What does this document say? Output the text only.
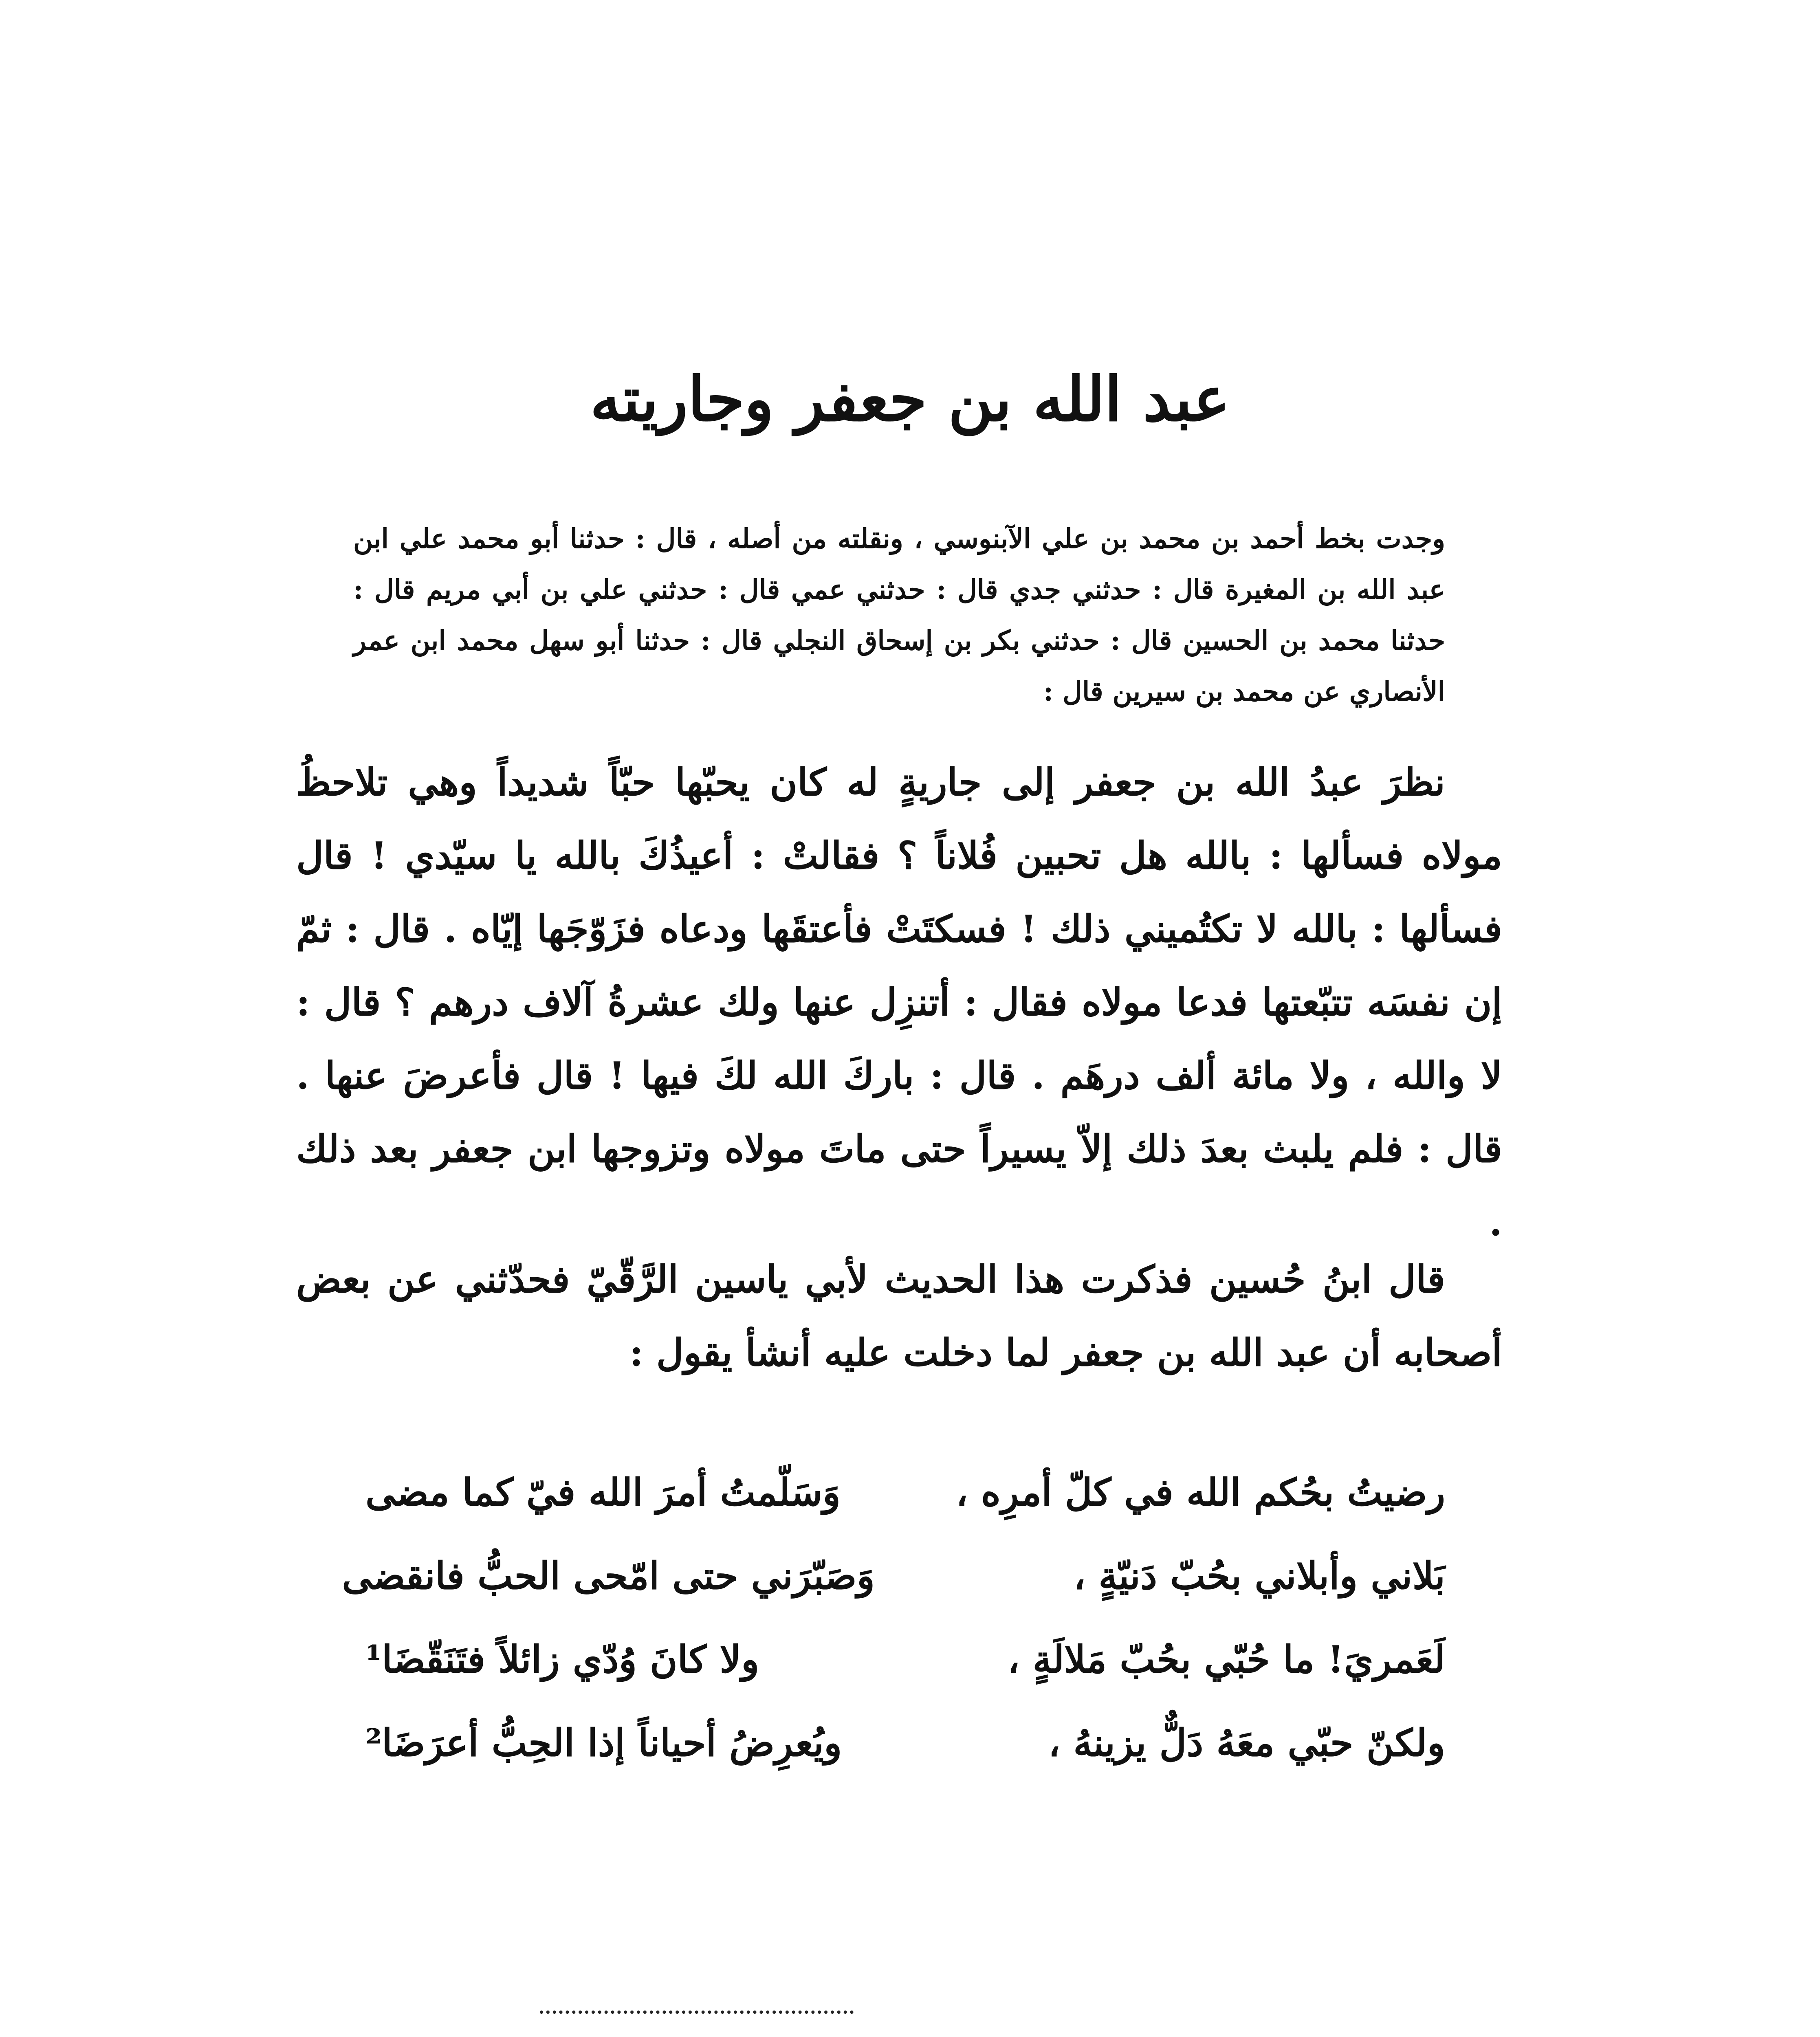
عبد الله بن جعفر وجاريته
وجدت بخط أحمد بن محمد بن علي الآبنوسي ، ونقلته من أصله ، قال : حدثنا أبو محمد علي ابن عبد الله بن المغيرة قال : حدثني جدي قال : حدثني عمي قال : حدثني علي بن أبي مريم قال : حدثنا محمد بن الحسين قال : حدثني بكر بن إسحاق النجلي قال : حدثنا أبو سهل محمد ابن عمر الأنصاري عن محمد بن سيرين قال :
نظرَ عبدُ الله بن جعفر إلى جاريةٍ له كان يحبّها حبّاً شديداً وهي تلاحظُ مولاه فسألها : بالله هل تحبين فُلاناً ؟ فقالتْ : أعيذُكَ بالله يا سيّدي ! قال فسألها : بالله لا تكتُميني ذلك ! فسكتَتْ فأعتقَها ودعاه فزَوّجَها إيّاه . قال : ثمّ إن نفسَه تتبّعتها فدعا مولاه فقال : أتنزِل عنها ولك عشرةُ آلاف درهم ؟ قال : لا والله ، ولا مائة ألف درهَم . قال : باركَ الله لكَ فيها ! قال فأعرضَ عنها . قال : فلم يلبث بعدَ ذلك إلاّ يسيراً حتى ماتَ مولاه وتزوجها ابن جعفر بعد ذلك .
قال ابنُ حُسين فذكرت هذا الحديث لأبي ياسين الرَّقّيّ فحدّثني عن بعض أصحابه أن عبد الله بن جعفر لما دخلت عليه أنشأ يقول :
رضيتُ بحُكم الله في كلّ أمرِه ،
وَسَلّمتُ أمرَ الله فيّ كما مضى
بَلاني وأبلاني بحُبّ دَنيّةٍ ،
وَصَبّرَني حتى امّحى الحبُّ فانقضى
لَعَمريَ! ما حُبّي بحُبّ مَلالَةٍ ،
ولا كانَ وُدّي زائلاً فتَنَقّضَا¹
ولكنّ حبّي معَهُ دَلٌّ يزينهُ ،
ويُعرِضُ أحياناً إذا الحِبُّ أعرَضَا²
